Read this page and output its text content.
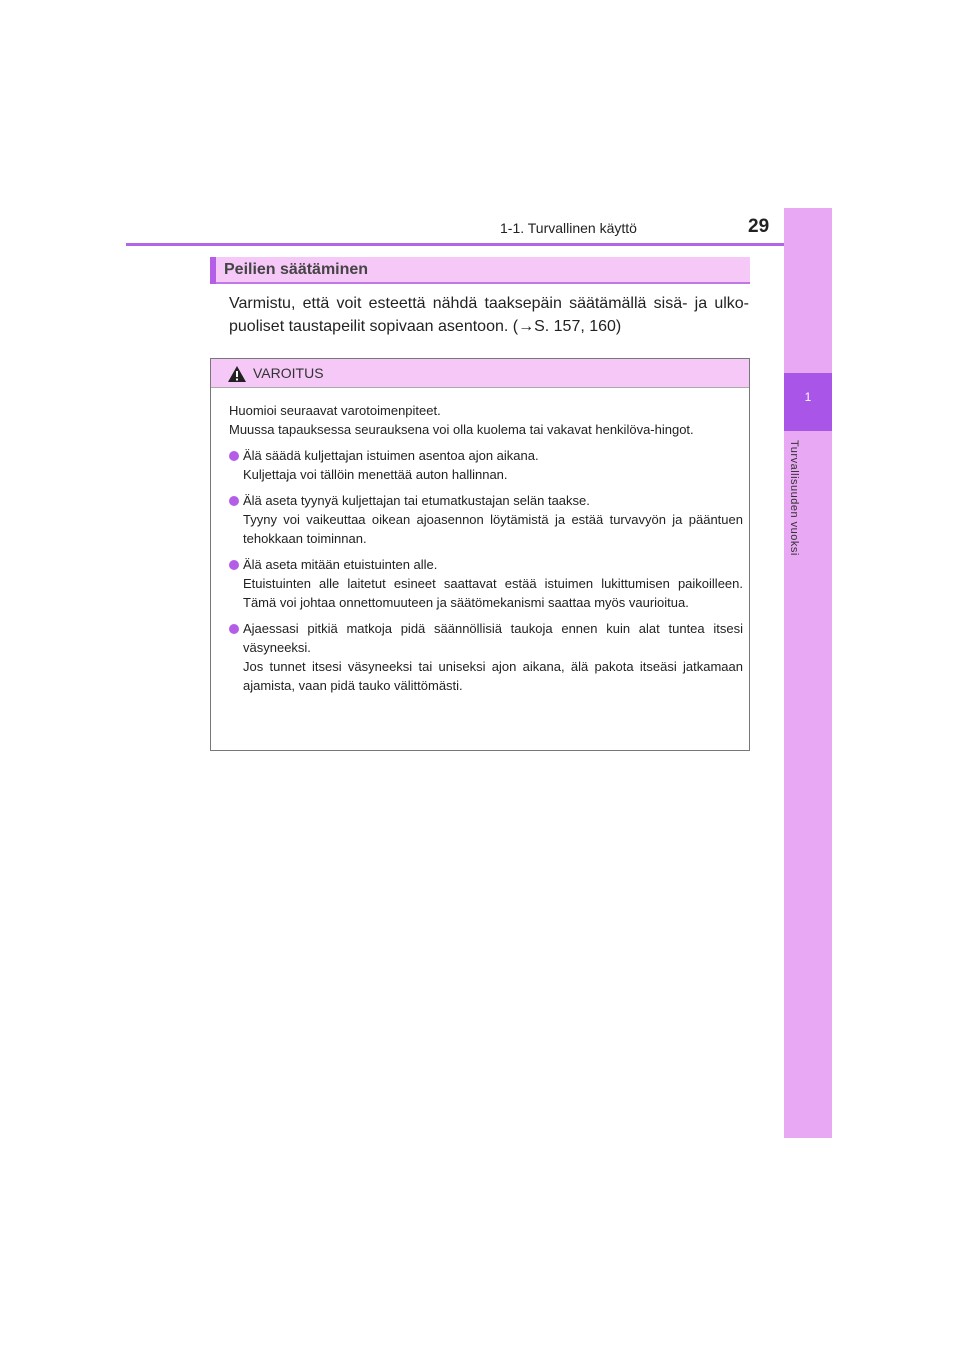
1-1. Turvallinen käyttö	29
1
Turvallisuuden vuoksi
Peilien säätäminen
Varmistu, että voit esteettä nähdä taaksepäin säätämällä sisä- ja ulko-puoliset taustapeilit sopivaan asentoon. (→S. 157, 160)
VAROITUS

Huomioi seuraavat varotoimenpiteet.

Muussa tapauksessa seurauksena voi olla kuolema tai vakavat henkilöva-hingot.

Älä säädä kuljettajan istuimen asentoa ajon aikana.

Kuljettaja voi tällöin menettää auton hallinnan.

Älä aseta tyynyä kuljettajan tai etumatkustajan selän taakse.

Tyyny voi vaikeuttaa oikean ajoasennon löytämistä ja estää turvavyön ja pääntuen tehokkaan toiminnan.

Älä aseta mitään etuistuinten alle.

Etuistuinten alle laitetut esineet saattavat estää istuimen lukittumisen paikoilleen. Tämä voi johtaa onnettomuuteen ja säätömekanismi saattaa myös vaurioitua.

Ajaessasi pitkiä matkoja pidä säännöllisiä taukoja ennen kuin alat tuntea itsesi väsyneeksi.

Jos tunnet itsesi väsyneeksi tai uniseksi ajon aikana, älä pakota itseäsi jatkamaan ajamista, vaan pidä tauko välittömästi.
